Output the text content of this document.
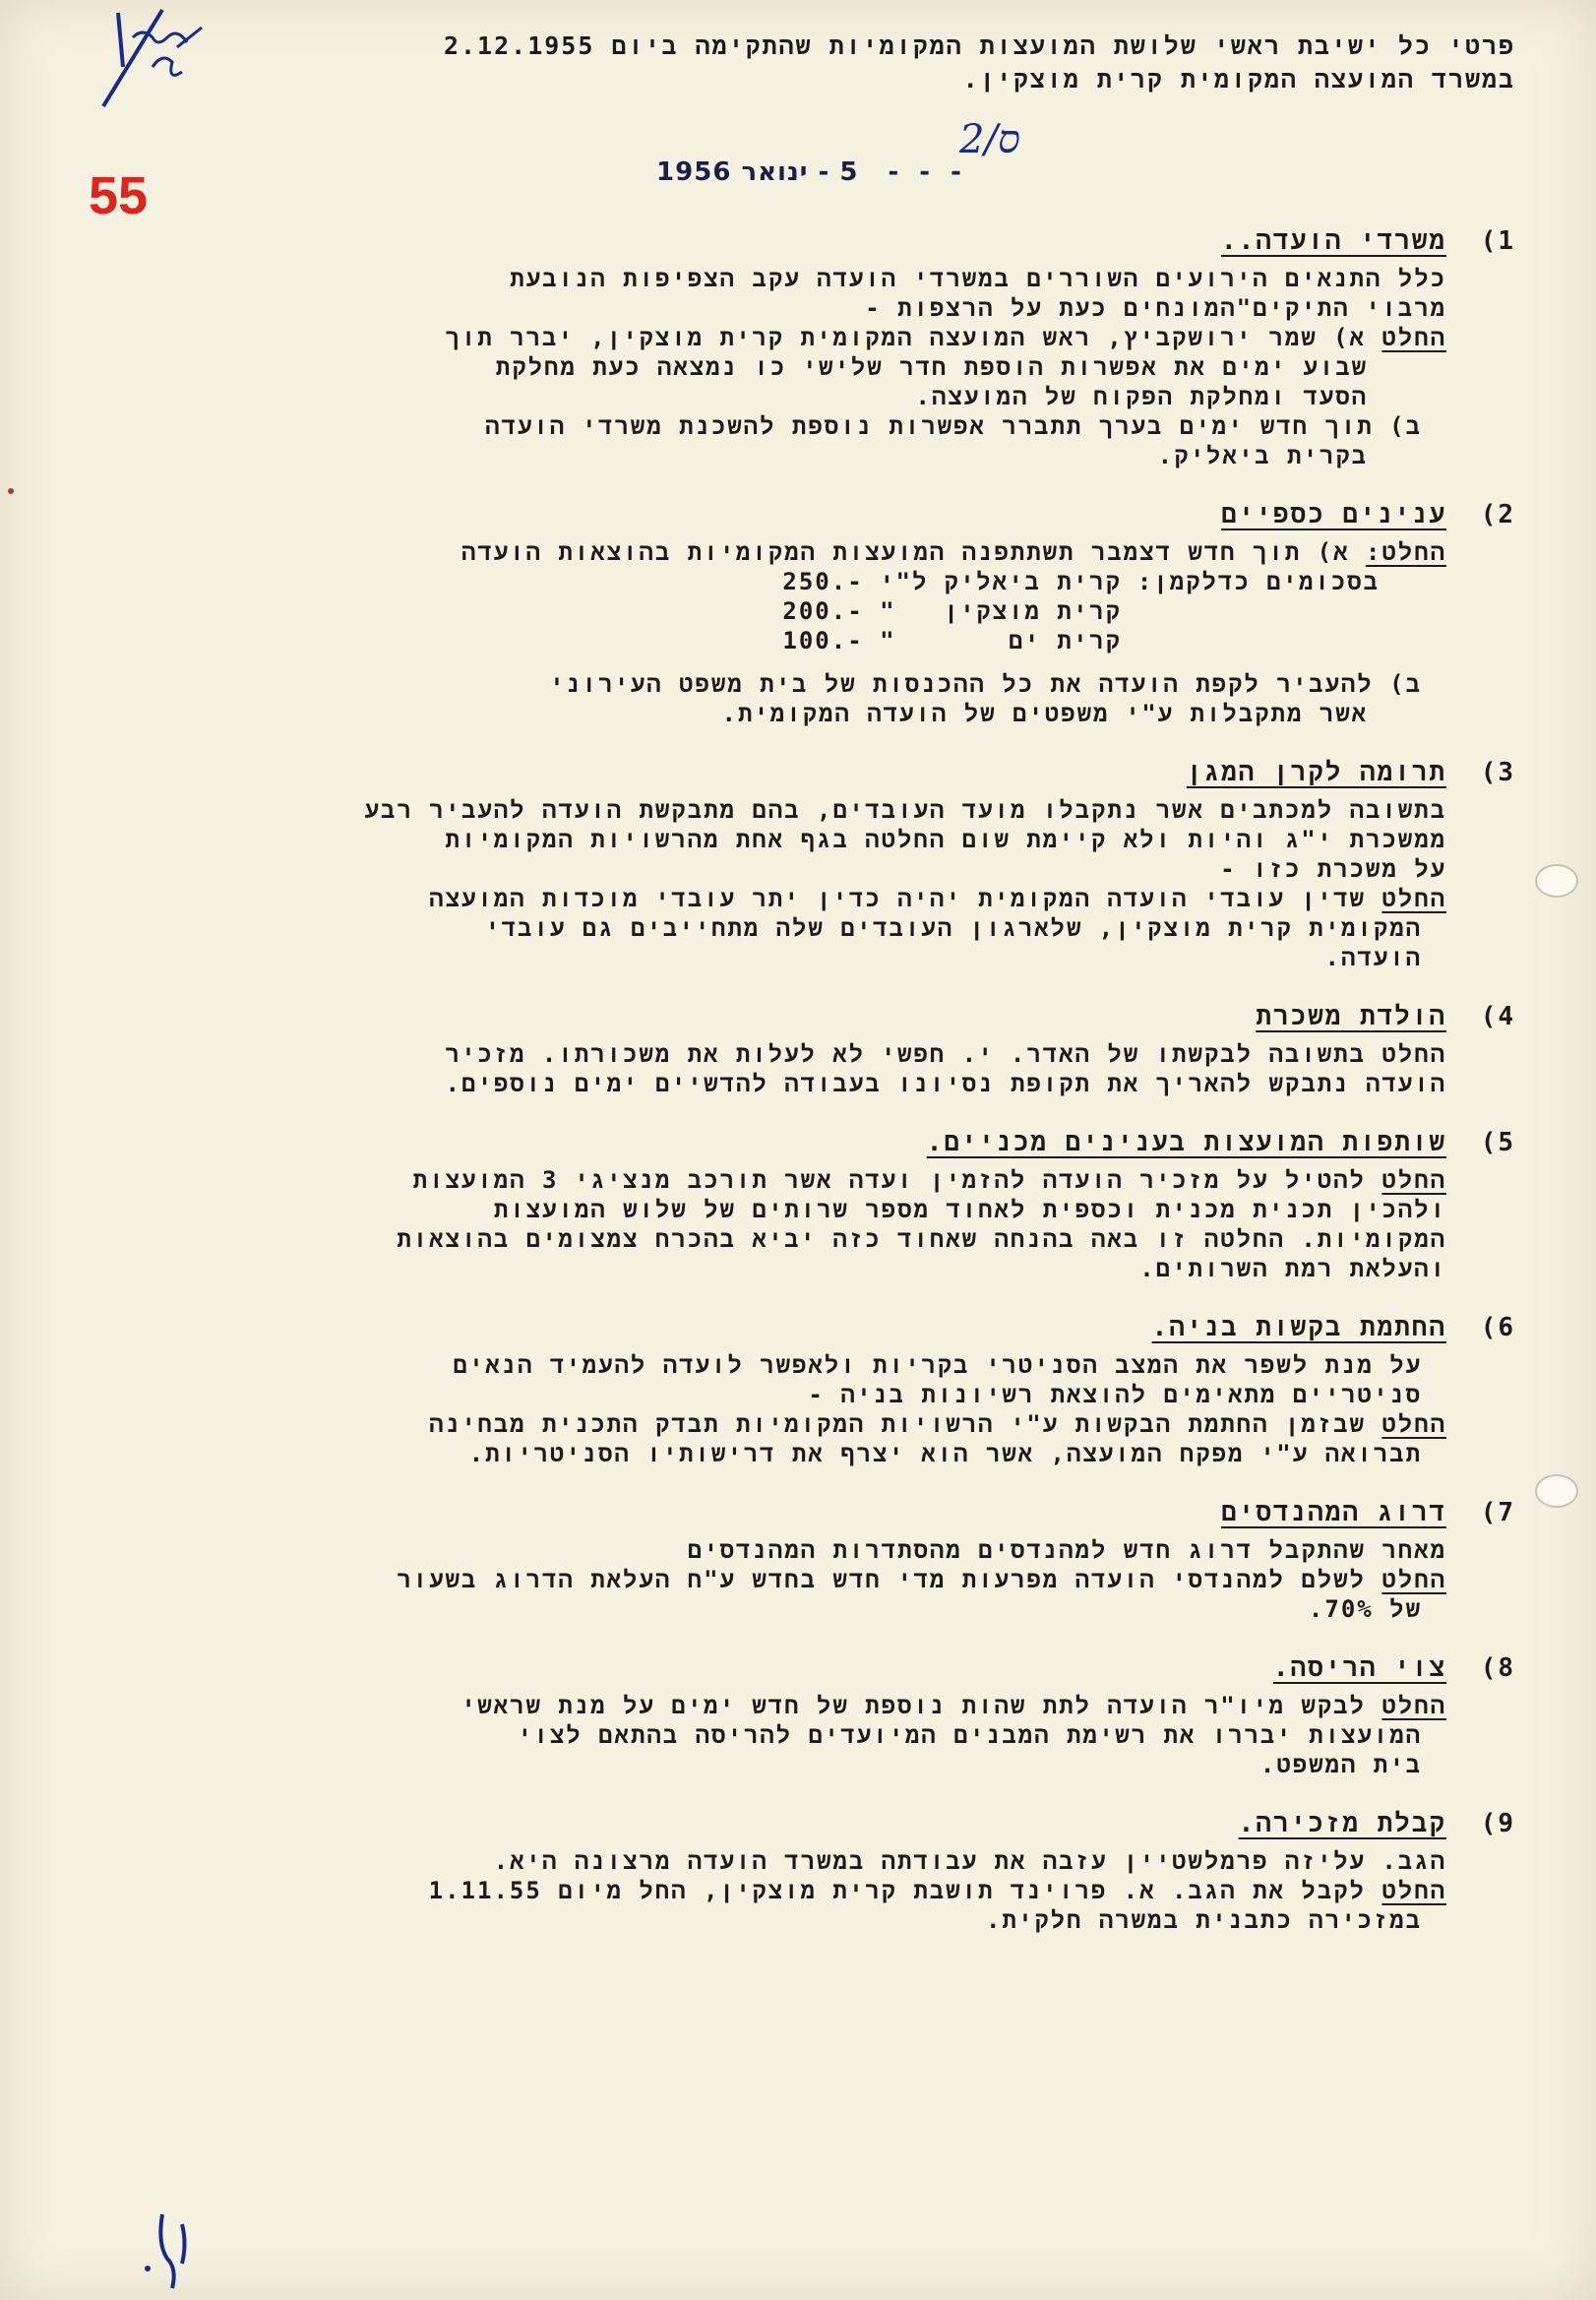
55
2/ס
פרטי כל ישיבת ראשי שלושת המועצות המקומיות שהתקימה ביום 2.12.1955
במשרד המועצה המקומית קרית מוצקין.
- - - 5 - ינואר 1956
1)
משרדי הועדה..
כלל התנאים הירועים השוררים במשרדי הועדה עקב הצפיפות הנובעת
מרבוי התיקים"המונחים כעת על הרצפות -
החלט א) שמר ירושקביץ, ראש המועצה המקומית קרית מוצקין, יברר תוך
שבוע ימים את אפשרות הוספת חדר שלישי כו נמצאה כעת מחלקת
הסעד ומחלקת הפקוח של המועצה.
ב) תוך חדש ימים בערך תתברר אפשרות נוספת להשכנת משרדי הועדה
בקרית ביאליק.
2)
ענינים כספיים
החלט: א) תוך חדש דצמבר תשתתפנה המועצות המקומיות בהוצאות הועדה
בסכומים כדלקמן:	קרית ביאליק	250.- ל"י
	קרית מוצקין	200.- "
	קרית ים	100.- "
ב) להעביר לקפת הועדה את כל ההכנסות של בית משפט העירוני
אשר מתקבלות ע"י משפטים של הועדה המקומית.
3)
תרומה לקרן המגן
בתשובה למכתבים אשר נתקבלו מועד העובדים, בהם מתבקשת הועדה להעביר רבע
ממשכרת י"ג והיות ולא קיימת שום החלטה בגף אחת מהרשויות המקומיות
על משכרת כזו -
החלט שדין עובדי הועדה המקומית יהיה כדין יתר עובדי מוכדות המועצה
המקומית קרית מוצקין, שלארגון העובדים שלה מתחייבים גם עובדי
הועדה.
4)
הולדת משכרת
החלט בתשובה לבקשתו של האדר. י. חפשי לא לעלות את משכורתו. מזכיר
הועדה נתבקש להאריך את תקופת נסיונו בעבודה להדשיים ימים נוספים.
5)
שותפות המועצות בענינים מכניים.
החלט להטיל על מזכיר הועדה להזמין ועדה אשר תורכב מנציגי 3 המועצות
ולהכין תכנית מכנית וכספית לאחוד מספר שרותים של שלוש המועצות
המקומיות. החלטה זו באה בהנחה שאחוד כזה יביא בהכרח צמצומים בהוצאות
והעלאת רמת השרותים.
6)
החתמת בקשות בניה.
על מנת לשפר את המצב הסניטרי בקריות ולאפשר לועדה להעמיד הנאים
סניטריים מתאימים להוצאת רשיונות בניה -
החלט שבזמן החתמת הבקשות ע"י הרשויות המקומיות תבדק התכנית מבחינה
תברואה ע"י מפקח המועצה, אשר הוא יצרף את דרישותיו הסניטריות.
7)
דרוג המהנדסים
מאחר שהתקבל דרוג חדש למהנדסים מהסתדרות המהנדסים
החלט לשלם למהנדסי הועדה מפרעות מדי חדש בחדש ע"ח העלאת הדרוג בשעור
של 70%.
8)
צוי הריסה.
החלט לבקש מיו"ר הועדה לתת שהות נוספת של חדש ימים על מנת שראשי
המועצות יבררו את רשימת המבנים המיועדים להריסה בהתאם לצוי
בית המשפט.
9)
קבלת מזכירה.
הגב. עליזה פרמלשטיין עזבה את עבודתה במשרד הועדה מרצונה היא.
החלט לקבל את הגב. א. פרוינד תושבת קרית מוצקין, החל מיום 1.11.55
במזכירה כתבנית במשרה חלקית.
